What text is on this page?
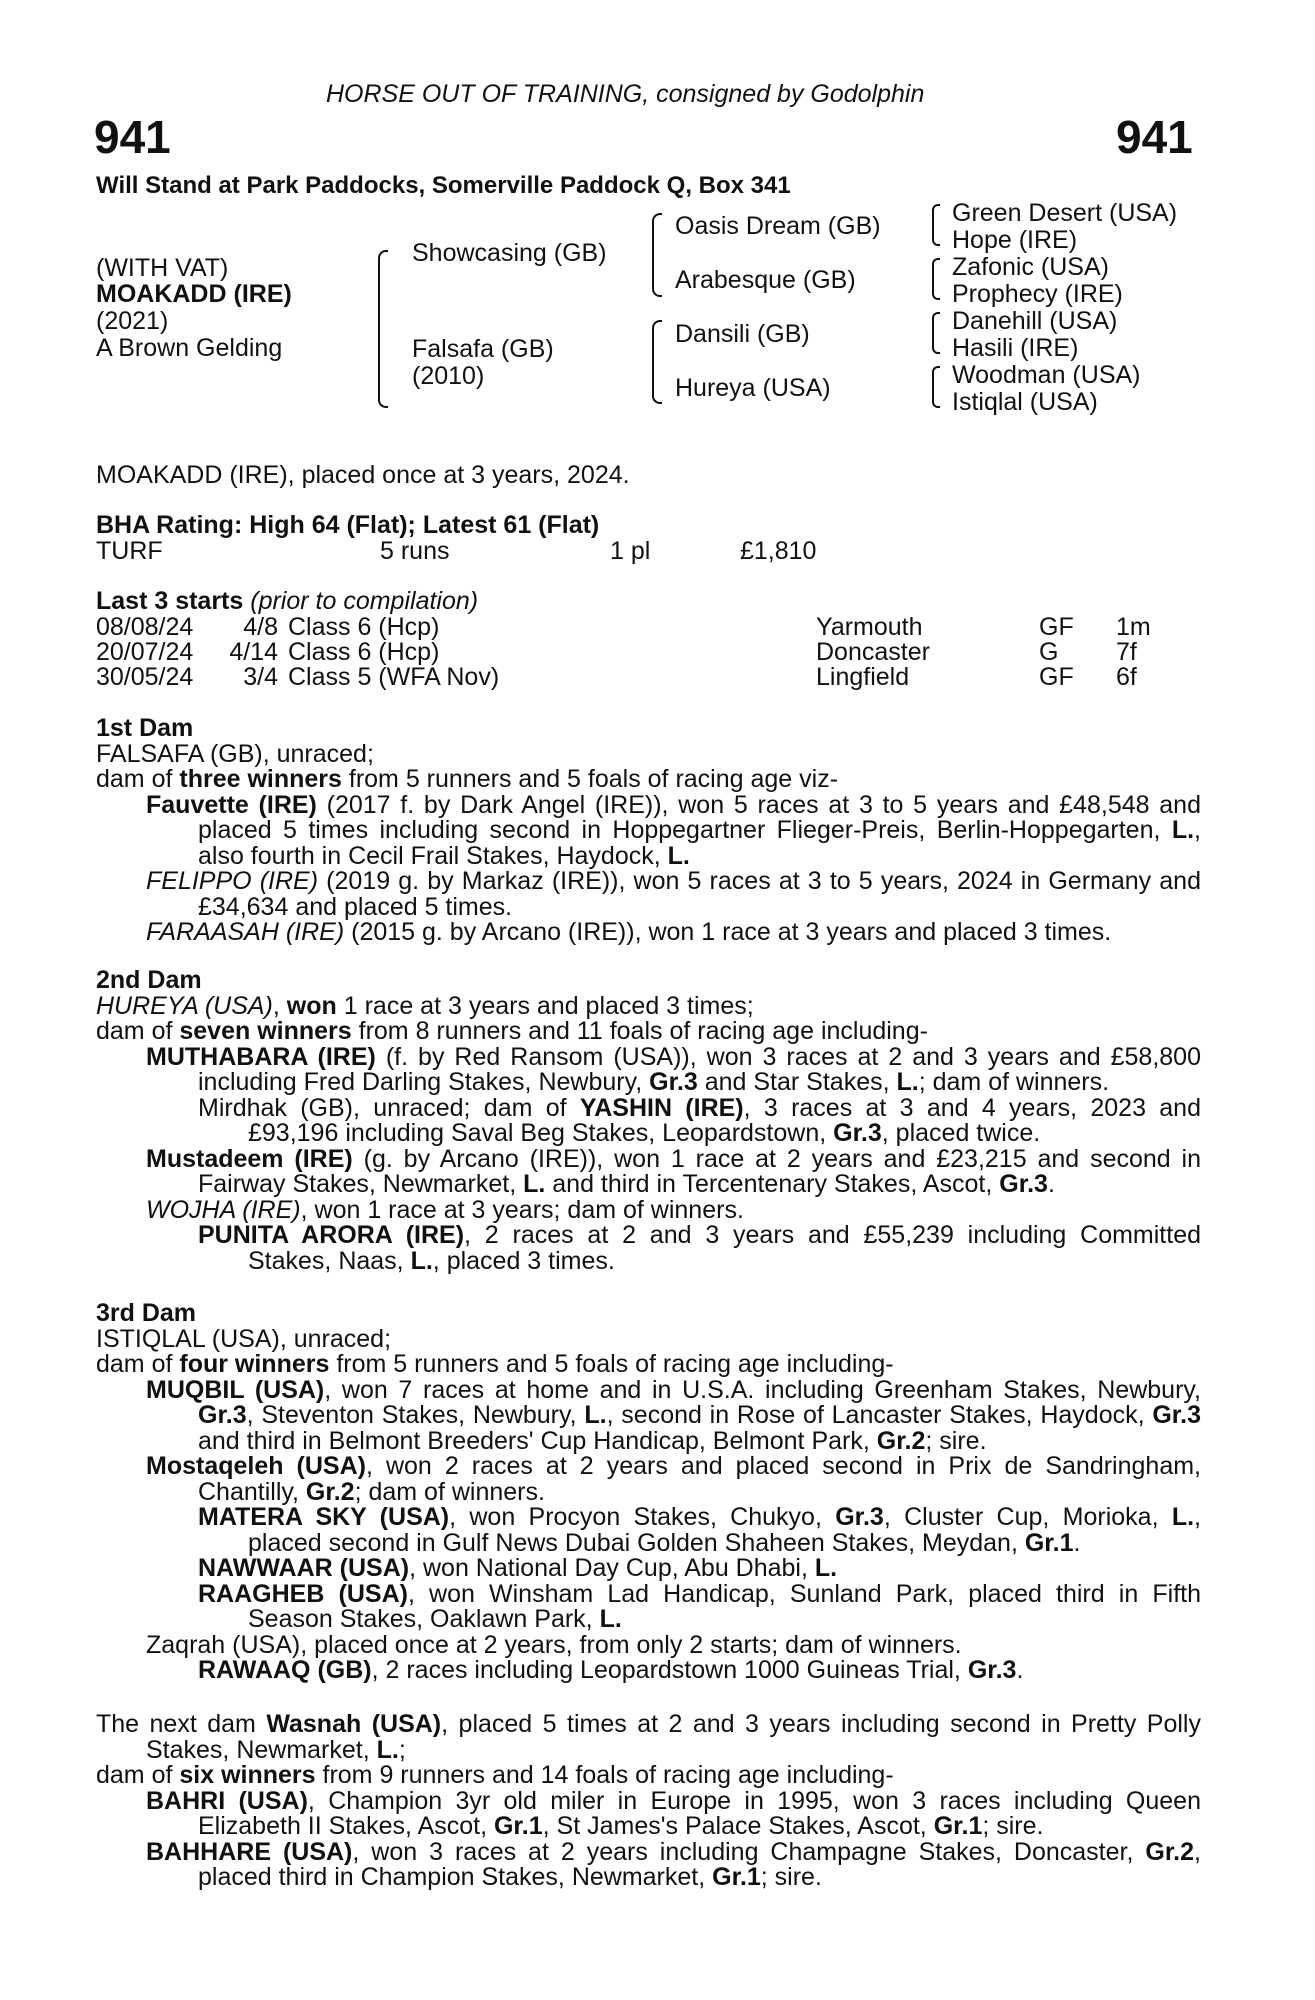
HORSE OUT OF TRAINING, consigned by Godolphin
941	941
Will Stand at Park Paddocks, Somerville Paddock Q, Box 341
(WITH VAT)
MOAKADD (IRE)
(2021)
A Brown Gelding
Showcasing (GB)
Falsafa (GB)
(2010)
Oasis Dream (GB)
Arabesque (GB)
Dansili (GB)
Hureya (USA)
Green Desert (USA)
Hope (IRE)
Zafonic (USA)
Prophecy (IRE)
Danehill (USA)
Hasili (IRE)
Woodman (USA)
Istiqlal (USA)
MOAKADD (IRE), placed once at 3 years, 2024.
BHA Rating: High 64 (Flat); Latest 61 (Flat)
TURF	5 runs	1 pl	£1,810
Last 3 starts (prior to compilation)
08/08/24	4/8 Class 6 (Hcp)	Yarmouth	GF 1m
20/07/24 4/14 Class 6 (Hcp)	Doncaster	G 7f
30/05/24	3/4 Class 5 (WFA Nov)	Lingfield	GF 6f

1st Dam

FALSAFA (GB), unraced;

dam of three winners from 5 runners and 5 foals of racing age viz-

Fauvette (IRE) (2017 f. by Dark Angel (IRE)), won 5 races at 3 to 5 years and £48,548 and placed 5 times including second in Hoppegartner Flieger-Preis, Berlin-Hoppegarten, L., also fourth in Cecil Frail Stakes, Haydock, L.

FELIPPO (IRE) (2019 g. by Markaz (IRE)), won 5 races at 3 to 5 years, 2024 in Germany and £34,634 and placed 5 times.

FARAASAH (IRE) (2015 g. by Arcano (IRE)), won 1 race at 3 years and placed 3 times.

2nd Dam

HUREYA (USA), won 1 race at 3 years and placed 3 times;

dam of seven winners from 8 runners and 11 foals of racing age including-

MUTHABARA (IRE) (f. by Red Ransom (USA)), won 3 races at 2 and 3 years and £58,800 including Fred Darling Stakes, Newbury, Gr.3 and Star Stakes, L.; dam of winners.

Mirdhak (GB), unraced; dam of YASHIN (IRE), 3 races at 3 and 4 years, 2023 and £93,196 including Saval Beg Stakes, Leopardstown, Gr.3, placed twice.

Mustadeem (IRE) (g. by Arcano (IRE)), won 1 race at 2 years and £23,215 and second in Fairway Stakes, Newmarket, L. and third in Tercentenary Stakes, Ascot, Gr.3.

WOJHA (IRE), won 1 race at 3 years; dam of winners.

PUNITA ARORA (IRE), 2 races at 2 and 3 years and £55,239 including Committed Stakes, Naas, L., placed 3 times.

3rd Dam

ISTIQLAL (USA), unraced;

dam of four winners from 5 runners and 5 foals of racing age including-

MUQBIL (USA), won 7 races at home and in U.S.A. including Greenham Stakes, Newbury, Gr.3, Steventon Stakes, Newbury, L., second in Rose of Lancaster Stakes, Haydock, Gr.3 and third in Belmont Breeders' Cup Handicap, Belmont Park, Gr.2; sire.

Mostaqeleh (USA), won 2 races at 2 years and placed second in Prix de Sandringham, Chantilly, Gr.2; dam of winners.

MATERA SKY (USA), won Procyon Stakes, Chukyo, Gr.3, Cluster Cup, Morioka, L., placed second in Gulf News Dubai Golden Shaheen Stakes, Meydan, Gr.1.

NAWWAAR (USA), won National Day Cup, Abu Dhabi, L.

RAAGHEB (USA), won Winsham Lad Handicap, Sunland Park, placed third in Fifth Season Stakes, Oaklawn Park, L.

Zaqrah (USA), placed once at 2 years, from only 2 starts; dam of winners.

RAWAAQ (GB), 2 races including Leopardstown 1000 Guineas Trial, Gr.3.

The next dam Wasnah (USA), placed 5 times at 2 and 3 years including second in Pretty Polly Stakes, Newmarket, L.;

dam of six winners from 9 runners and 14 foals of racing age including-

BAHRI (USA), Champion 3yr old miler in Europe in 1995, won 3 races including Queen Elizabeth II Stakes, Ascot, Gr.1, St James's Palace Stakes, Ascot, Gr.1; sire.

BAHHARE (USA), won 3 races at 2 years including Champagne Stakes, Doncaster, Gr.2, placed third in Champion Stakes, Newmarket, Gr.1; sire.
